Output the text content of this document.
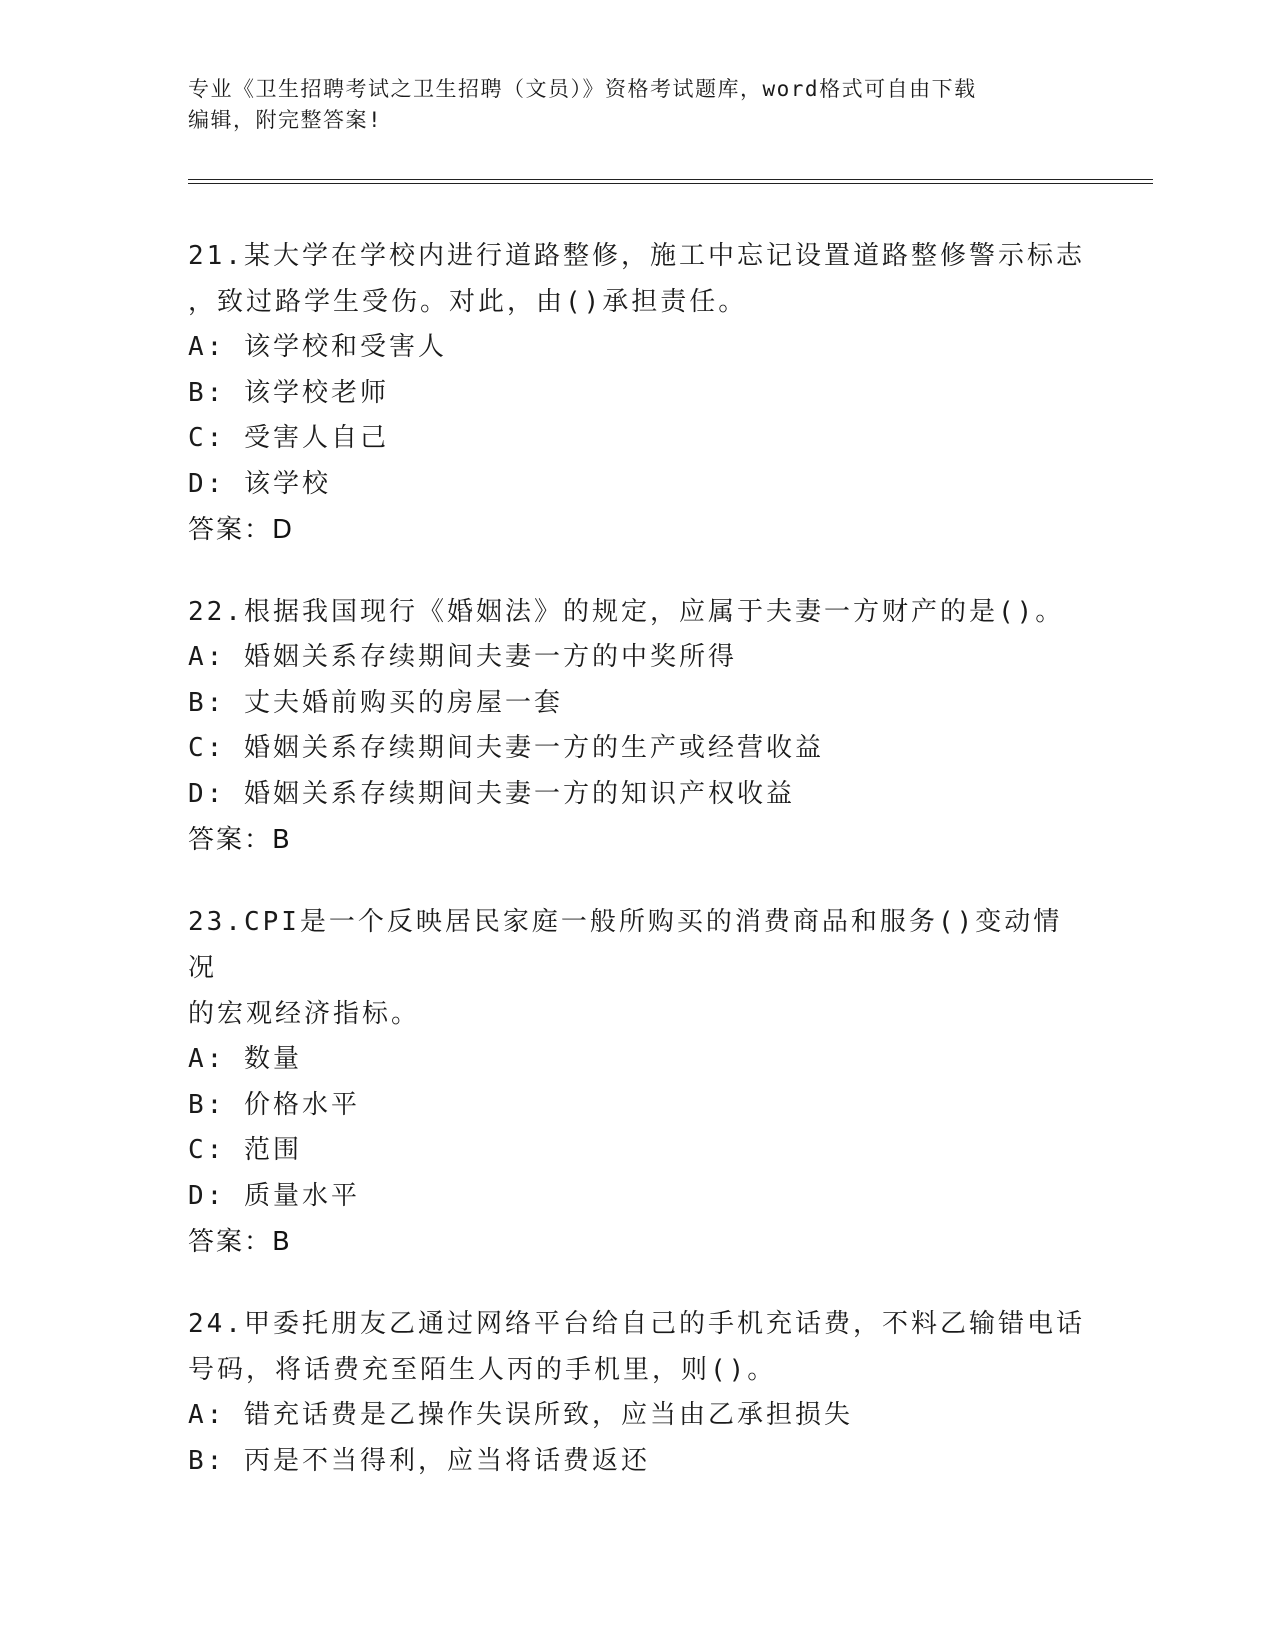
专业《卫生招聘考试之卫生招聘（文员）》资格考试题库，word格式可自由下载
编辑，附完整答案!
21.某大学在学校内进行道路整修，施工中忘记设置道路整修警示标志
，致过路学生受伤。对此，由()承担责任。
A: 该学校和受害人
B: 该学校老师
C: 受害人自己
D: 该学校
答案：D
22.根据我国现行《婚姻法》的规定，应属于夫妻一方财产的是()。
A: 婚姻关系存续期间夫妻一方的中奖所得
B: 丈夫婚前购买的房屋一套
C: 婚姻关系存续期间夫妻一方的生产或经营收益
D: 婚姻关系存续期间夫妻一方的知识产权收益
答案：B
23.CPI是一个反映居民家庭一般所购买的消费商品和服务()变动情况
的宏观经济指标。
A: 数量
B: 价格水平
C: 范围
D: 质量水平
答案：B
24.甲委托朋友乙通过网络平台给自己的手机充话费，不料乙输错电话
号码，将话费充至陌生人丙的手机里，则()。
A: 错充话费是乙操作失误所致，应当由乙承担损失
B: 丙是不当得利，应当将话费返还
